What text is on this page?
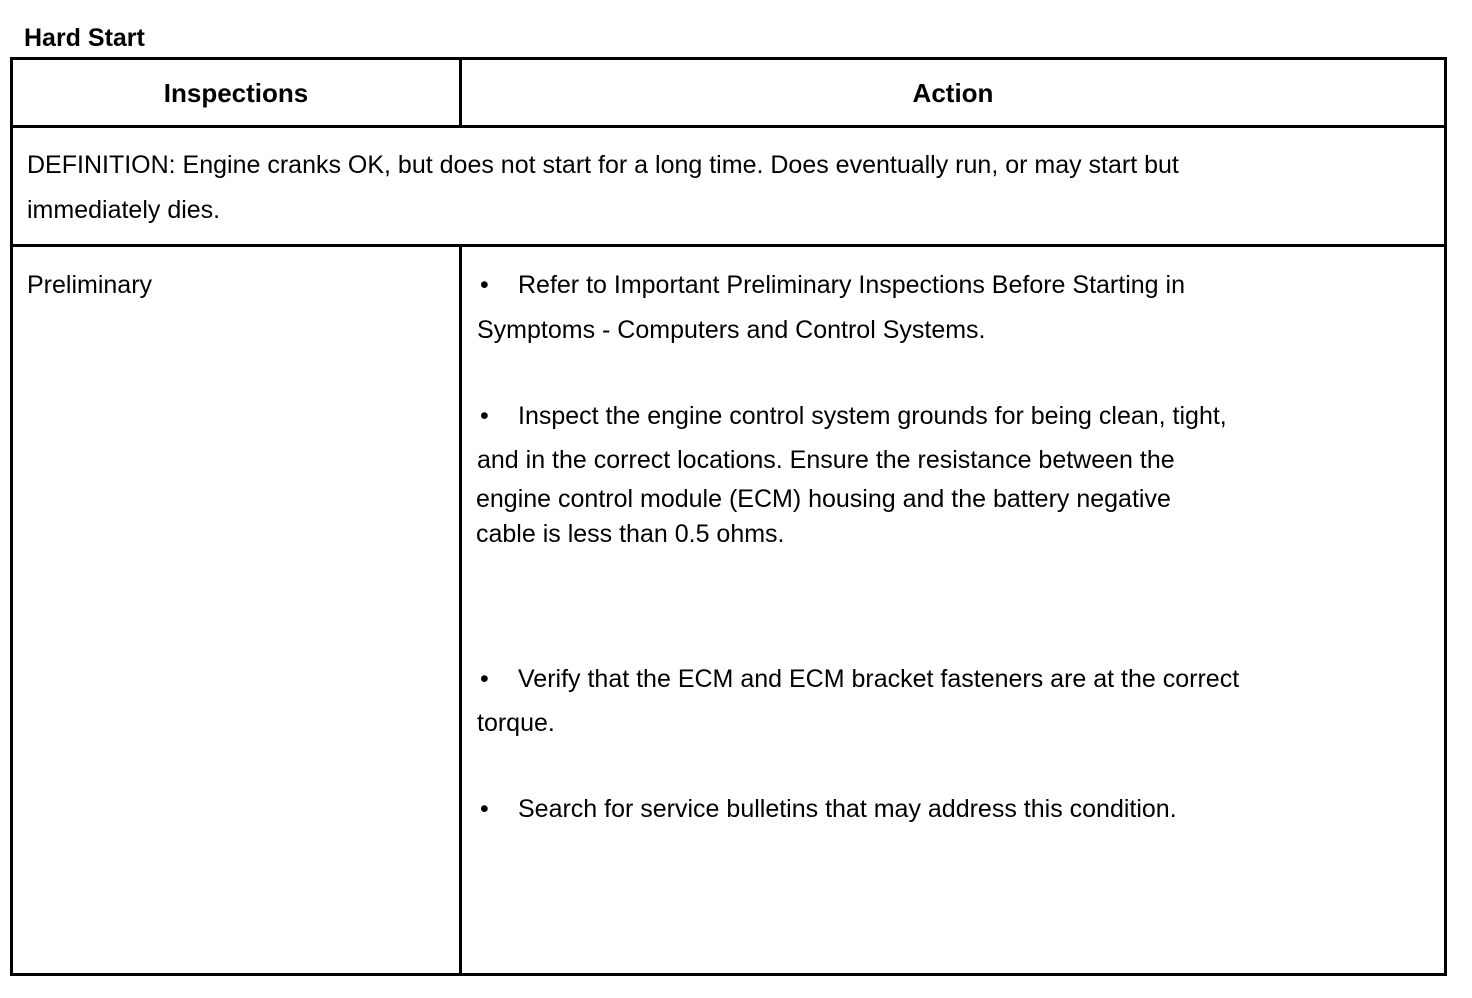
Hard Start
Inspections	Action
DEFINITION: Engine cranks OK, but does not start for a long time. Does eventually run, or may start but
immediately dies.
Preliminary	• Refer to Important Preliminary Inspections Before Starting in
Symptoms - Computers and Control Systems.
• Inspect the engine control system grounds for being clean, tight,
and in the correct locations. Ensure the resistance between the
engine control module (ECM) housing and the battery negative
cable is less than 0.5 ohms.
• Verify that the ECM and ECM bracket fasteners are at the correct
torque.
• Search for service bulletins that may address this condition.
